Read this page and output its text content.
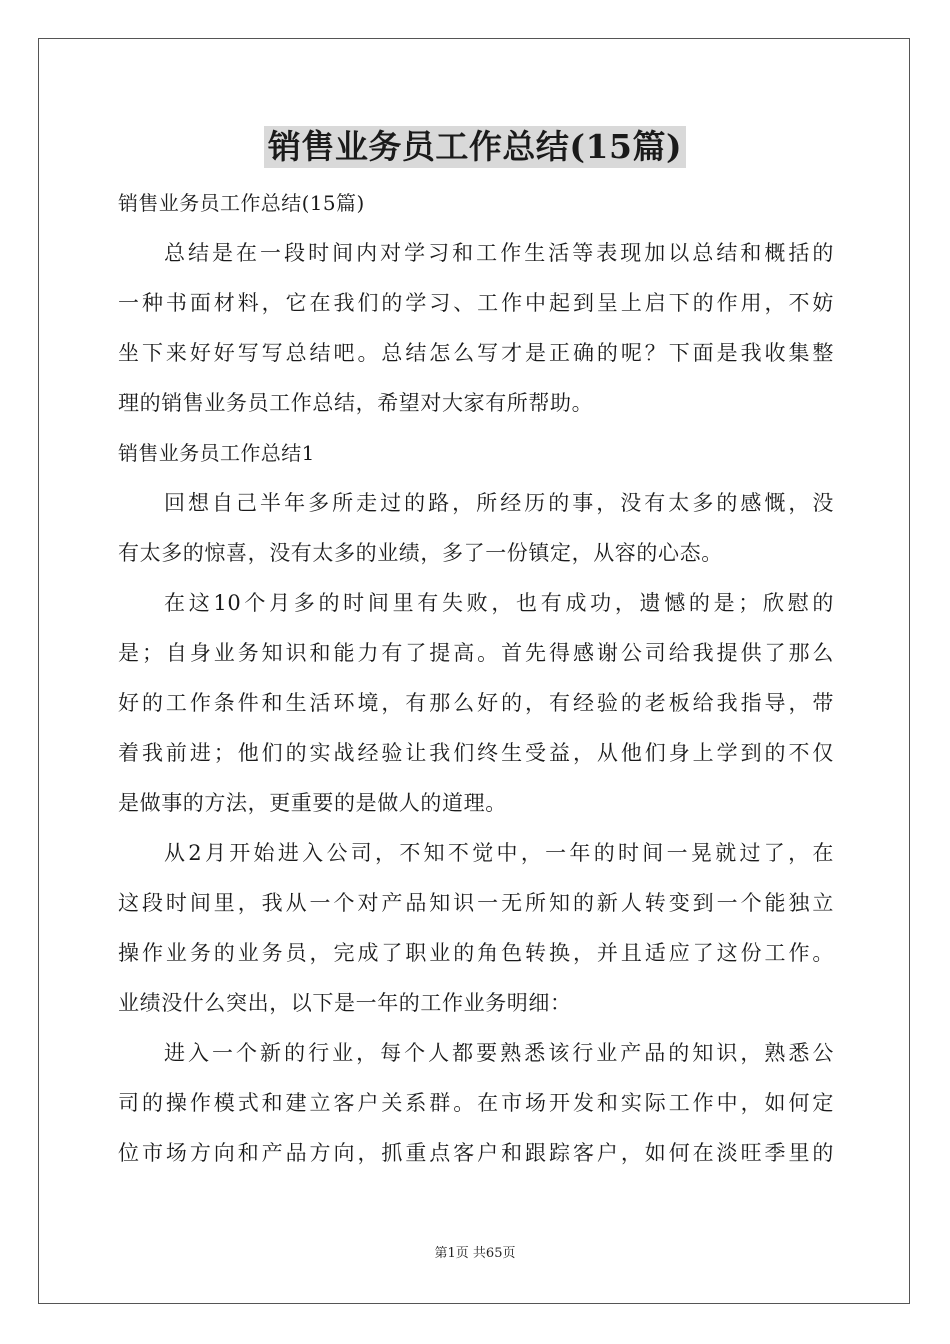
销售业务员工作总结(15篇)
销售业务员工作总结(15篇)
总结是在一段时间内对学习和工作生活等表现加以总结和概括的
一种书面材料，它在我们的学习、工作中起到呈上启下的作用，不妨
坐下来好好写写总结吧。总结怎么写才是正确的呢？下面是我收集整
理的销售业务员工作总结，希望对大家有所帮助。
销售业务员工作总结1
回想自己半年多所走过的路，所经历的事，没有太多的感慨，没
有太多的惊喜，没有太多的业绩，多了一份镇定，从容的心态。
在这10个月多的时间里有失败，也有成功，遗憾的是；欣慰的
是；自身业务知识和能力有了提高。首先得感谢公司给我提供了那么
好的工作条件和生活环境，有那么好的，有经验的老板给我指导，带
着我前进；他们的实战经验让我们终生受益，从他们身上学到的不仅
是做事的方法，更重要的是做人的道理。
从2月开始进入公司，不知不觉中，一年的时间一晃就过了，在
这段时间里，我从一个对产品知识一无所知的新人转变到一个能独立
操作业务的业务员，完成了职业的角色转换，并且适应了这份工作。
业绩没什么突出，以下是一年的工作业务明细：
进入一个新的行业，每个人都要熟悉该行业产品的知识，熟悉公
司的操作模式和建立客户关系群。在市场开发和实际工作中，如何定
位市场方向和产品方向，抓重点客户和跟踪客户，如何在淡旺季里的
第1页 共65页
